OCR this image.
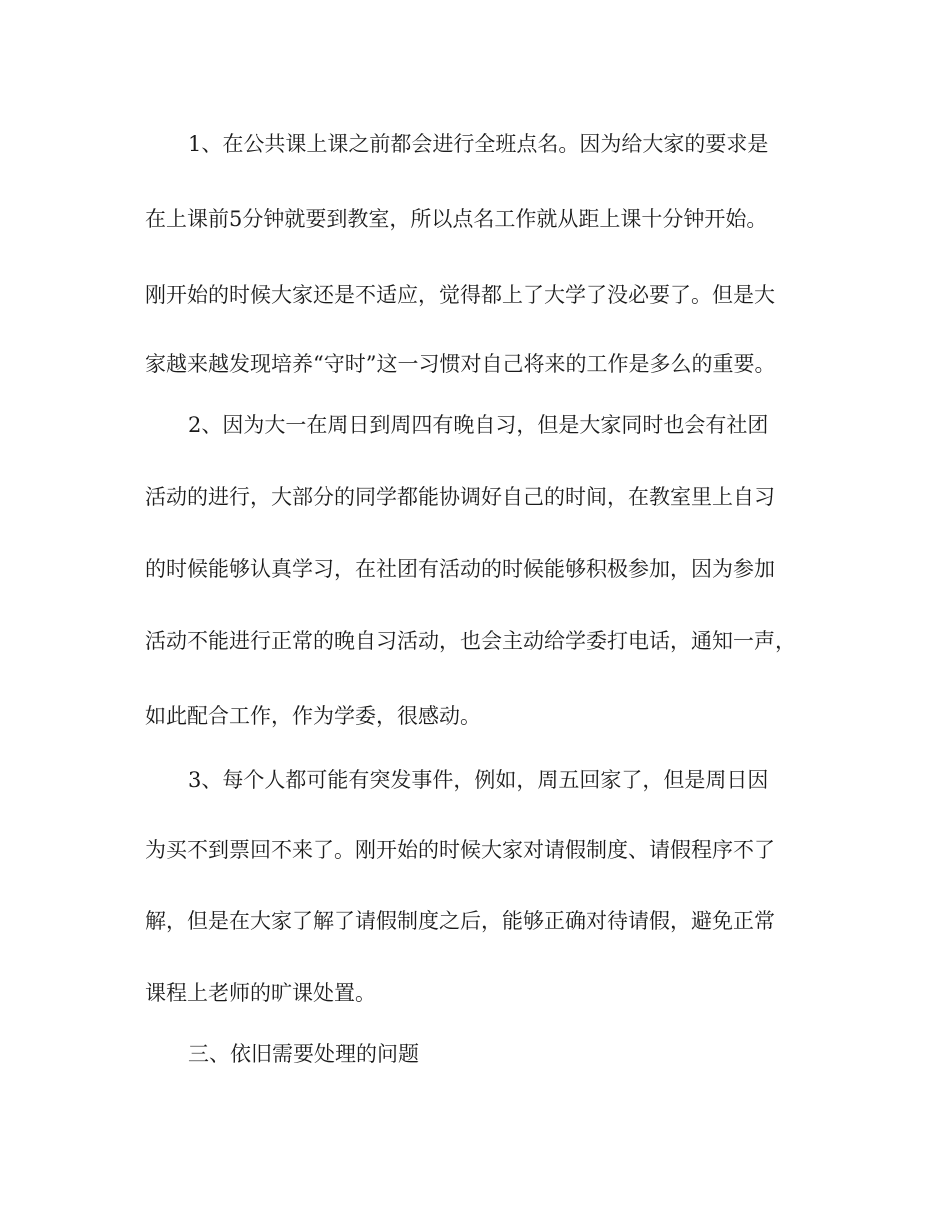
1、在公共课上课之前都会进行全班点名。因为给大家的要求是
在上课前5分钟就要到教室，所以点名工作就从距上课十分钟开始。
刚开始的时候大家还是不适应，觉得都上了大学了没必要了。但是大
家越来越发现培养“守时”这一习惯对自己将来的工作是多么的重要。
2、因为大一在周日到周四有晚自习，但是大家同时也会有社团
活动的进行，大部分的同学都能协调好自己的时间，在教室里上自习
的时候能够认真学习，在社团有活动的时候能够积极参加，因为参加
活动不能进行正常的晚自习活动，也会主动给学委打电话，通知一声，
如此配合工作，作为学委，很感动。
3、每个人都可能有突发事件，例如，周五回家了，但是周日因
为买不到票回不来了。刚开始的时候大家对请假制度、请假程序不了
解，但是在大家了解了请假制度之后，能够正确对待请假，避免正常
课程上老师的旷课处置。
三、依旧需要处理的问题
